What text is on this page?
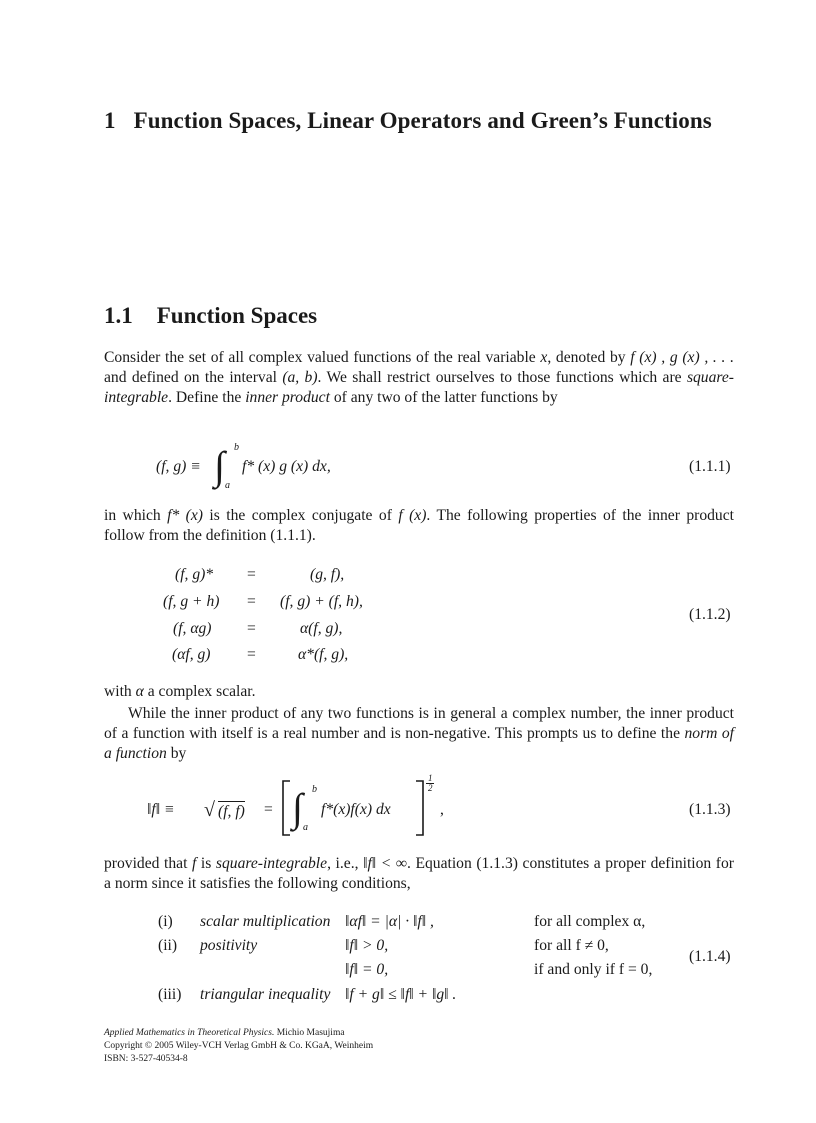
1 Function Spaces, Linear Operators and Green’s Functions
1.1 Function Spaces
Consider the set of all complex valued functions of the real variable x, denoted by f (x) , g (x) , . . . and defined on the interval (a, b). We shall restrict ourselves to those functions which are square-integrable. Define the inner product of any two of the latter functions by
(f, g) ≡ ∫ b
a
f* (x) g (x) dx,	(1.1.1)
in which f* (x) is the complex conjugate of f (x). The following properties of the inner product follow from the definition (1.1.1).
(f, g)* =	(g, f),
(f, g + h) = (f, g) + (f, h),
(f, αg) =	α(f, g),
(αf, g) =	α*(f, g),
(1.1.2)
with α a complex scalar.
While the inner product of any two functions is in general a complex number, the inner product of a function with itself is a real number and is non-negative. This prompts us to define the norm of a function by
‖f‖ ≡ √ (f, f) = ∫ b
a
f*(x)f(x) dx
1
2
,	(1.1.3)
provided that f is square-integrable, i.e., ‖f‖ < ∞. Equation (1.1.3) constitutes a proper definition for a norm since it satisfies the following conditions,
(i) scalar multiplication ‖αf‖ = |α| · ‖f‖ ,	for all complex α,
(ii) positivity	‖f‖ > 0,	for all f ≠ 0,
‖f‖ = 0,	if and only if f = 0,
(iii) triangular inequality ‖f + g‖ ≤ ‖f‖ + ‖g‖ .
(1.1.4)
Applied Mathematics in Theoretical Physics. Michio Masujima
Copyright © 2005 Wiley-VCH Verlag GmbH & Co. KGaA, Weinheim
ISBN: 3-527-40534-8
